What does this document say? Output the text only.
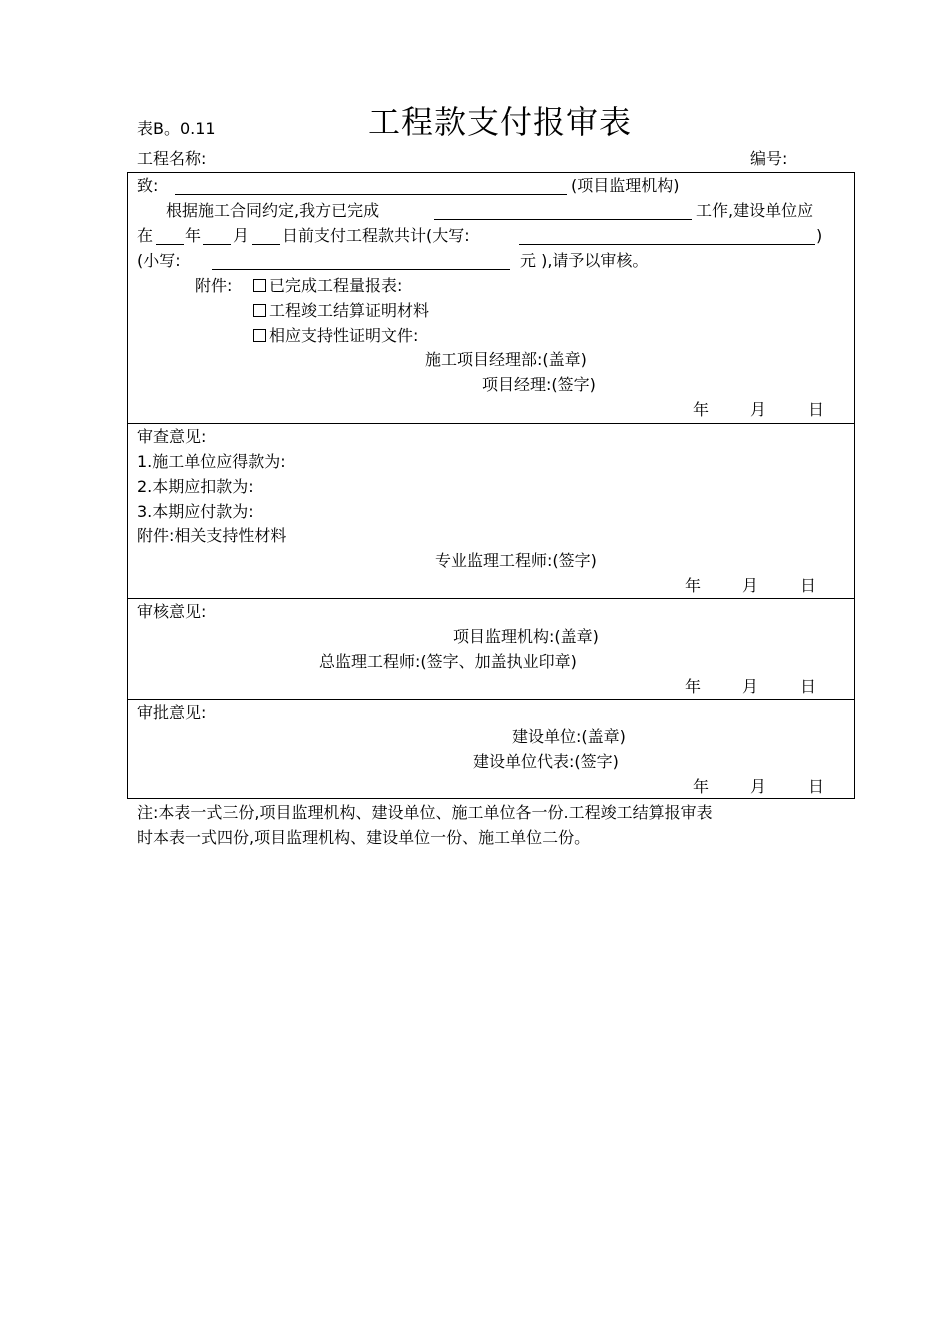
表B。0.11	工程款支付报审表
工程名称:	编号:
致:	(项目监理机构)
根据施工合同约定,我方已完成	工作,建设单位应
在 年 月 日前支付工程款共计(大写:	)
(小写:	元 ),请予以审核。
附件:	已完成工程量报表:
工程竣工结算证明材料
相应支持性证明文件:
施工项目经理部:(盖章)
项目经理:(签字)
年	月	日
审查意见:
1.施工单位应得款为:
2.本期应扣款为:
3.本期应付款为:
附件:相关支持性材料
专业监理工程师:(签字)
年	月	日
审核意见:
项目监理机构:(盖章)
总监理工程师:(签字、加盖执业印章)
年	月	日
审批意见:
建设单位:(盖章)
建设单位代表:(签字)
年	月	日
注:本表一式三份,项目监理机构、建设单位、施工单位各一份.工程竣工结算报审表
时本表一式四份,项目监理机构、建设单位一份、施工单位二份。
